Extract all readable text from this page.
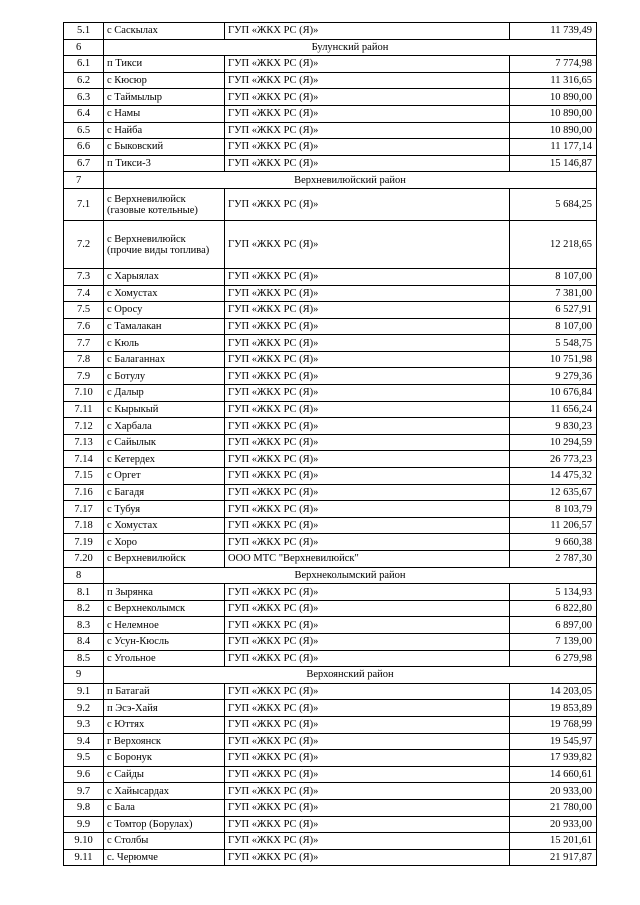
5.1	с Саскылах	ГУП «ЖКХ РС (Я)»	11 739,49
6	Булунский район		
6.1	п Тикси	ГУП «ЖКХ РС (Я)»	7 774,98
6.2	с Кюсюр	ГУП «ЖКХ РС (Я)»	11 316,65
6.3	с Таймылыр	ГУП «ЖКХ РС (Я)»	10 890,00
6.4	с Намы	ГУП «ЖКХ РС (Я)»	10 890,00
6.5	с Найба	ГУП «ЖКХ РС (Я)»	10 890,00
6.6	с Быковский	ГУП «ЖКХ РС (Я)»	11 177,14
6.7	п Тикси-3	ГУП «ЖКХ РС (Я)»	15 146,87
7	Верхневилюйский район		
7.1	с Верхневилюйск (газовые котельные)	ГУП «ЖКХ РС (Я)»	5 684,25
7.2	с Верхневилюйск (прочие виды топлива)	ГУП «ЖКХ РС (Я)»	12 218,65
7.3	с Харыялах	ГУП «ЖКХ РС (Я)»	8 107,00
7.4	с Хомустах	ГУП «ЖКХ РС (Я)»	7 381,00
7.5	с Оросу	ГУП «ЖКХ РС (Я)»	6 527,91
7.6	с Тамалакан	ГУП «ЖКХ РС (Я)»	8 107,00
7.7	с Кюль	ГУП «ЖКХ РС (Я)»	5 548,75
7.8	с Балаганнах	ГУП «ЖКХ РС (Я)»	10 751,98
7.9	с Ботулу	ГУП «ЖКХ РС (Я)»	9 279,36
7.10	с Далыр	ГУП «ЖКХ РС (Я)»	10 676,84
7.11	с Кырыкый	ГУП «ЖКХ РС (Я)»	11 656,24
7.12	с Харбала	ГУП «ЖКХ РС (Я)»	9 830,23
7.13	с Сайылык	ГУП «ЖКХ РС (Я)»	10 294,59
7.14	с Кетердех	ГУП «ЖКХ РС (Я)»	26 773,23
7.15	с Оргет	ГУП «ЖКХ РС (Я)»	14 475,32
7.16	с Багадя	ГУП «ЖКХ РС (Я)»	12 635,67
7.17	с Тубуя	ГУП «ЖКХ РС (Я)»	8 103,79
7.18	с Хомустах	ГУП «ЖКХ РС (Я)»	11 206,57
7.19	с Хоро	ГУП «ЖКХ РС (Я)»	9 660,38
7.20	с Верхневилюйск	ООО МТС "Верхневилюйск"	2 787,30
8	Верхнеколымский район		
8.1	п Зырянка	ГУП «ЖКХ РС (Я)»	5 134,93
8.2	с Верхнеколымск	ГУП «ЖКХ РС (Я)»	6 822,80
8.3	с Нелемное	ГУП «ЖКХ РС (Я)»	6 897,00
8.4	с Усун-Кюсль	ГУП «ЖКХ РС (Я)»	7 139,00
8.5	с Угольное	ГУП «ЖКХ РС (Я)»	6 279,98
9	Верхоянский район		
9.1	п Батагай	ГУП «ЖКХ РС (Я)»	14 203,05
9.2	п Эсэ-Хайя	ГУП «ЖКХ РС (Я)»	19 853,89
9.3	с Юттях	ГУП «ЖКХ РС (Я)»	19 768,99
9.4	г Верхоянск	ГУП «ЖКХ РС (Я)»	19 545,97
9.5	с Боронук	ГУП «ЖКХ РС (Я)»	17 939,82
9.6	с Сайды	ГУП «ЖКХ РС (Я)»	14 660,61
9.7	с Хайысардах	ГУП «ЖКХ РС (Я)»	20 933,00
9.8	с Бала	ГУП «ЖКХ РС (Я)»	21 780,00
9.9	с Томтор (Борулах)	ГУП «ЖКХ РС (Я)»	20 933,00
9.10	с Столбы	ГУП «ЖКХ РС (Я)»	15 201,61
9.11	с. Черюмче	ГУП «ЖКХ РС (Я)»	21 917,87
